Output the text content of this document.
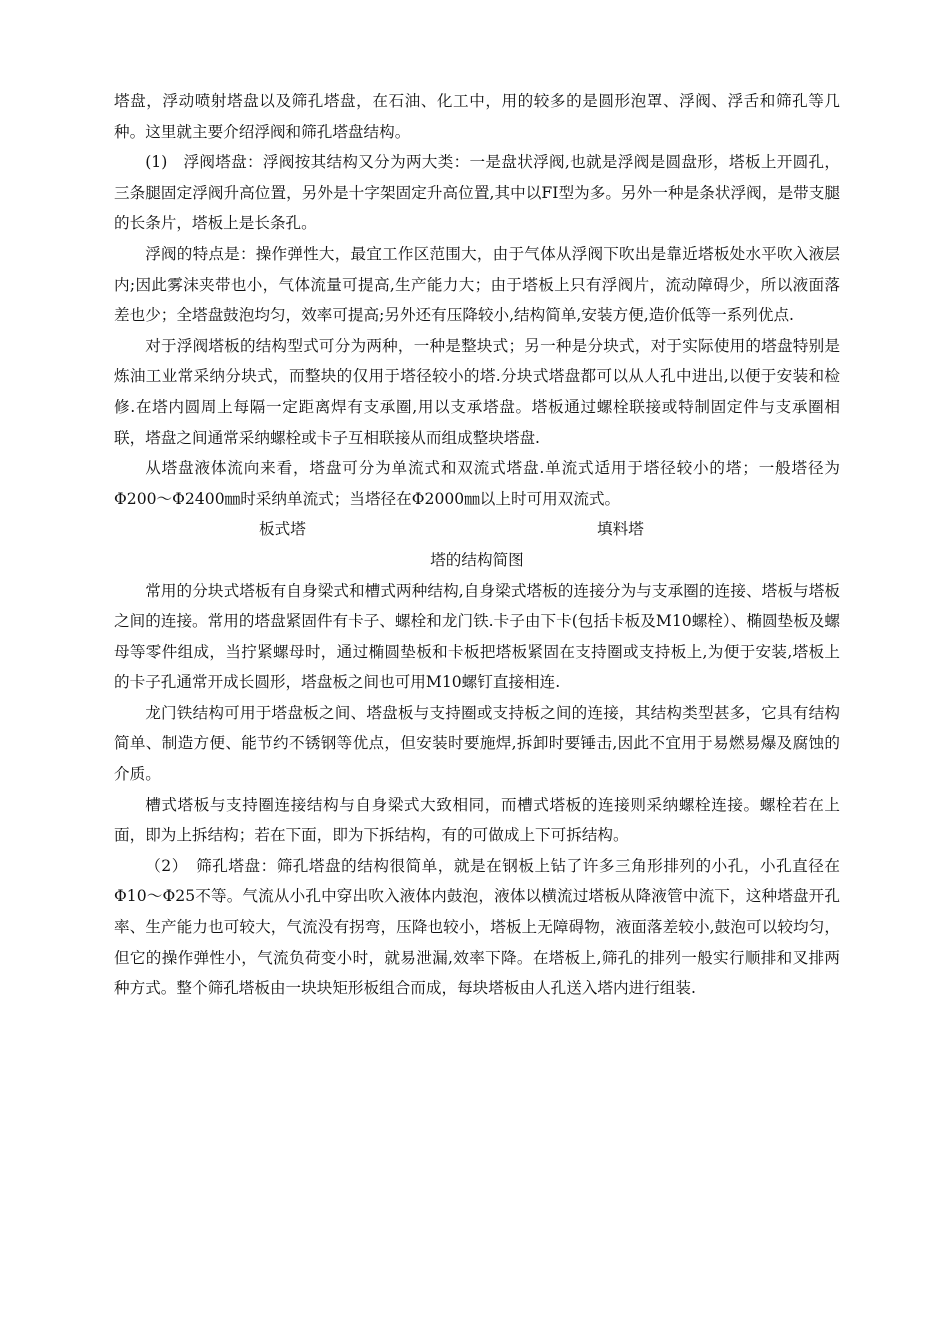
塔盘，浮动喷射塔盘以及筛孔塔盘，在石油、化工中，用的较多的是圆形泡罩、浮阀、浮舌和筛孔等几种。这里就主要介绍浮阀和筛孔塔盘结构。

(1)　浮阀塔盘：浮阀按其结构又分为两大类：一是盘状浮阀,也就是浮阀是圆盘形，塔板上开圆孔，三条腿固定浮阀升高位置，另外是十字架固定升高位置,其中以FI型为多。另外一种是条状浮阀，是带支腿的长条片，塔板上是长条孔。

浮阀的特点是：操作弹性大，最宜工作区范围大，由于气体从浮阀下吹出是靠近塔板处水平吹入液层内;因此雾沫夹带也小，气体流量可提高,生产能力大；由于塔板上只有浮阀片，流动障碍少，所以液面落差也少；全塔盘鼓泡均匀，效率可提高;另外还有压降较小,结构简单,安装方便,造价低等一系列优点.

对于浮阀塔板的结构型式可分为两种，一种是整块式；另一种是分块式，对于实际使用的塔盘特别是炼油工业常采纳分块式，而整块的仅用于塔径较小的塔.分块式塔盘都可以从人孔中进出,以便于安装和检修.在塔内圆周上每隔一定距离焊有支承圈,用以支承塔盘。塔板通过螺栓联接或特制固定件与支承圈相联，塔盘之间通常采纳螺栓或卡子互相联接从而组成整块塔盘.

从塔盘液体流向来看，塔盘可分为单流式和双流式塔盘.单流式适用于塔径较小的塔；一般塔径为Φ200～Φ2400㎜时采纳单流式；当塔径在Φ2000㎜以上时可用双流式。

板式塔	填料塔
塔的结构简图

常用的分块式塔板有自身梁式和槽式两种结构,自身梁式塔板的连接分为与支承圈的连接、塔板与塔板之间的连接。常用的塔盘紧固件有卡子、螺栓和龙门铁.卡子由下卡(包括卡板及M10螺栓）、椭圆垫板及螺母等零件组成，当拧紧螺母时，通过椭圆垫板和卡板把塔板紧固在支持圈或支持板上,为便于安装,塔板上的卡子孔通常开成长圆形，塔盘板之间也可用M10螺钉直接相连.

龙门铁结构可用于塔盘板之间、塔盘板与支持圈或支持板之间的连接，其结构类型甚多，它具有结构简单、制造方便、能节约不锈钢等优点，但安装时要施焊,拆卸时要锤击,因此不宜用于易燃易爆及腐蚀的介质。

槽式塔板与支持圈连接结构与自身梁式大致相同，而槽式塔板的连接则采纳螺栓连接。螺栓若在上面，即为上拆结构；若在下面，即为下拆结构，有的可做成上下可拆结构。

（2）　筛孔塔盘：筛孔塔盘的结构很简单，就是在钢板上钻了许多三角形排列的小孔，小孔直径在Φ10～Φ25不等。气流从小孔中穿出吹入液体内鼓泡，液体以横流过塔板从降液管中流下，这种塔盘开孔率、生产能力也可较大，气流没有拐弯，压降也较小，塔板上无障碍物，液面落差较小,鼓泡可以较均匀，但它的操作弹性小，气流负荷变小时，就易泄漏,效率下降。在塔板上,筛孔的排列一般实行顺排和叉排两种方式。整个筛孔塔板由一块块矩形板组合而成，每块塔板由人孔送入塔内进行组装.
